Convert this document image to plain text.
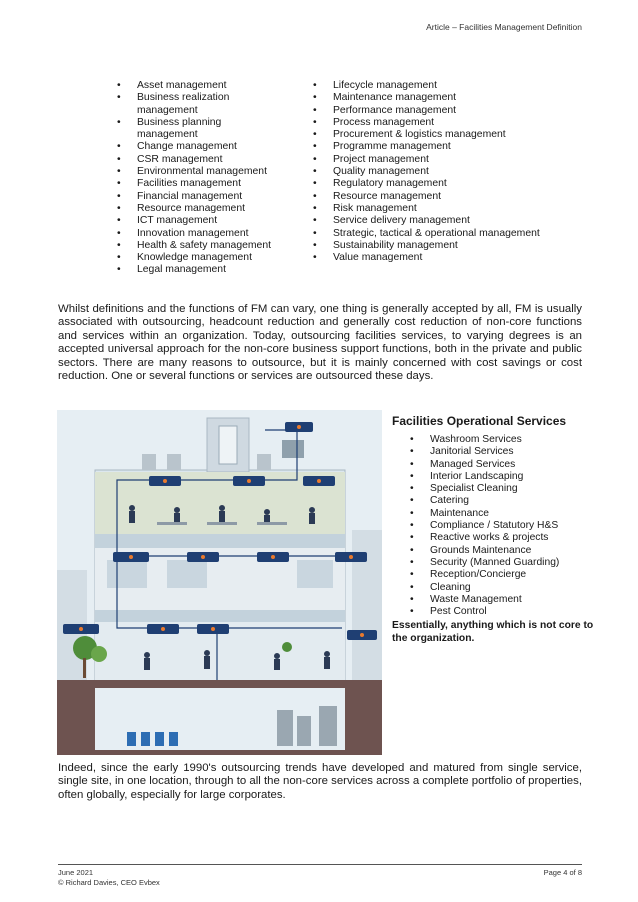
Article – Facilities Management Definition
• Asset management
• Business realization management
• Business planning management
• Change management
• CSR management
• Environmental management
• Facilities management
• Financial management
• Resource management
• ICT management
• Innovation management
• Health & safety management
• Knowledge management
• Legal management
• Lifecycle management
• Maintenance management
• Performance management
• Process management
• Procurement & logistics management
• Programme management
• Project management
• Quality management
• Regulatory management
• Resource management
• Risk management
• Service delivery management
• Strategic, tactical & operational management
• Sustainability management
• Value management

Whilst definitions and the functions of FM can vary, one thing is generally accepted by all, FM is usually associated with outsourcing, headcount reduction and generally cost reduction of non-core functions and services within an organization. Today, outsourcing facilities services, to varying degrees is an accepted universal approach for the non-core business support functions, both in the private and public sectors. There are many reasons to outsource, but it is mainly concerned with cost savings or cost reduction. One or several functions or services are outsourced these days.

Facilities Operational Services
• Washroom Services
• Janitorial Services
• Managed Services
• Interior Landscaping
• Specialist Cleaning
• Catering
• Maintenance
• Compliance / Statutory H&S
• Reactive works & projects
• Grounds Maintenance
• Security (Manned Guarding)
• Reception/Concierge
• Cleaning
• Waste Management
• Pest Control

Essentially, anything which is not core to the organization.

Indeed, since the early 1990's outsourcing trends have developed and matured from single service, single site, in one location, through to all the non-core services across a complete portfolio of properties, often globally, especially for large corporates.

June 2021
© Richard Davies, CEO Evbex
Page 4 of 8
